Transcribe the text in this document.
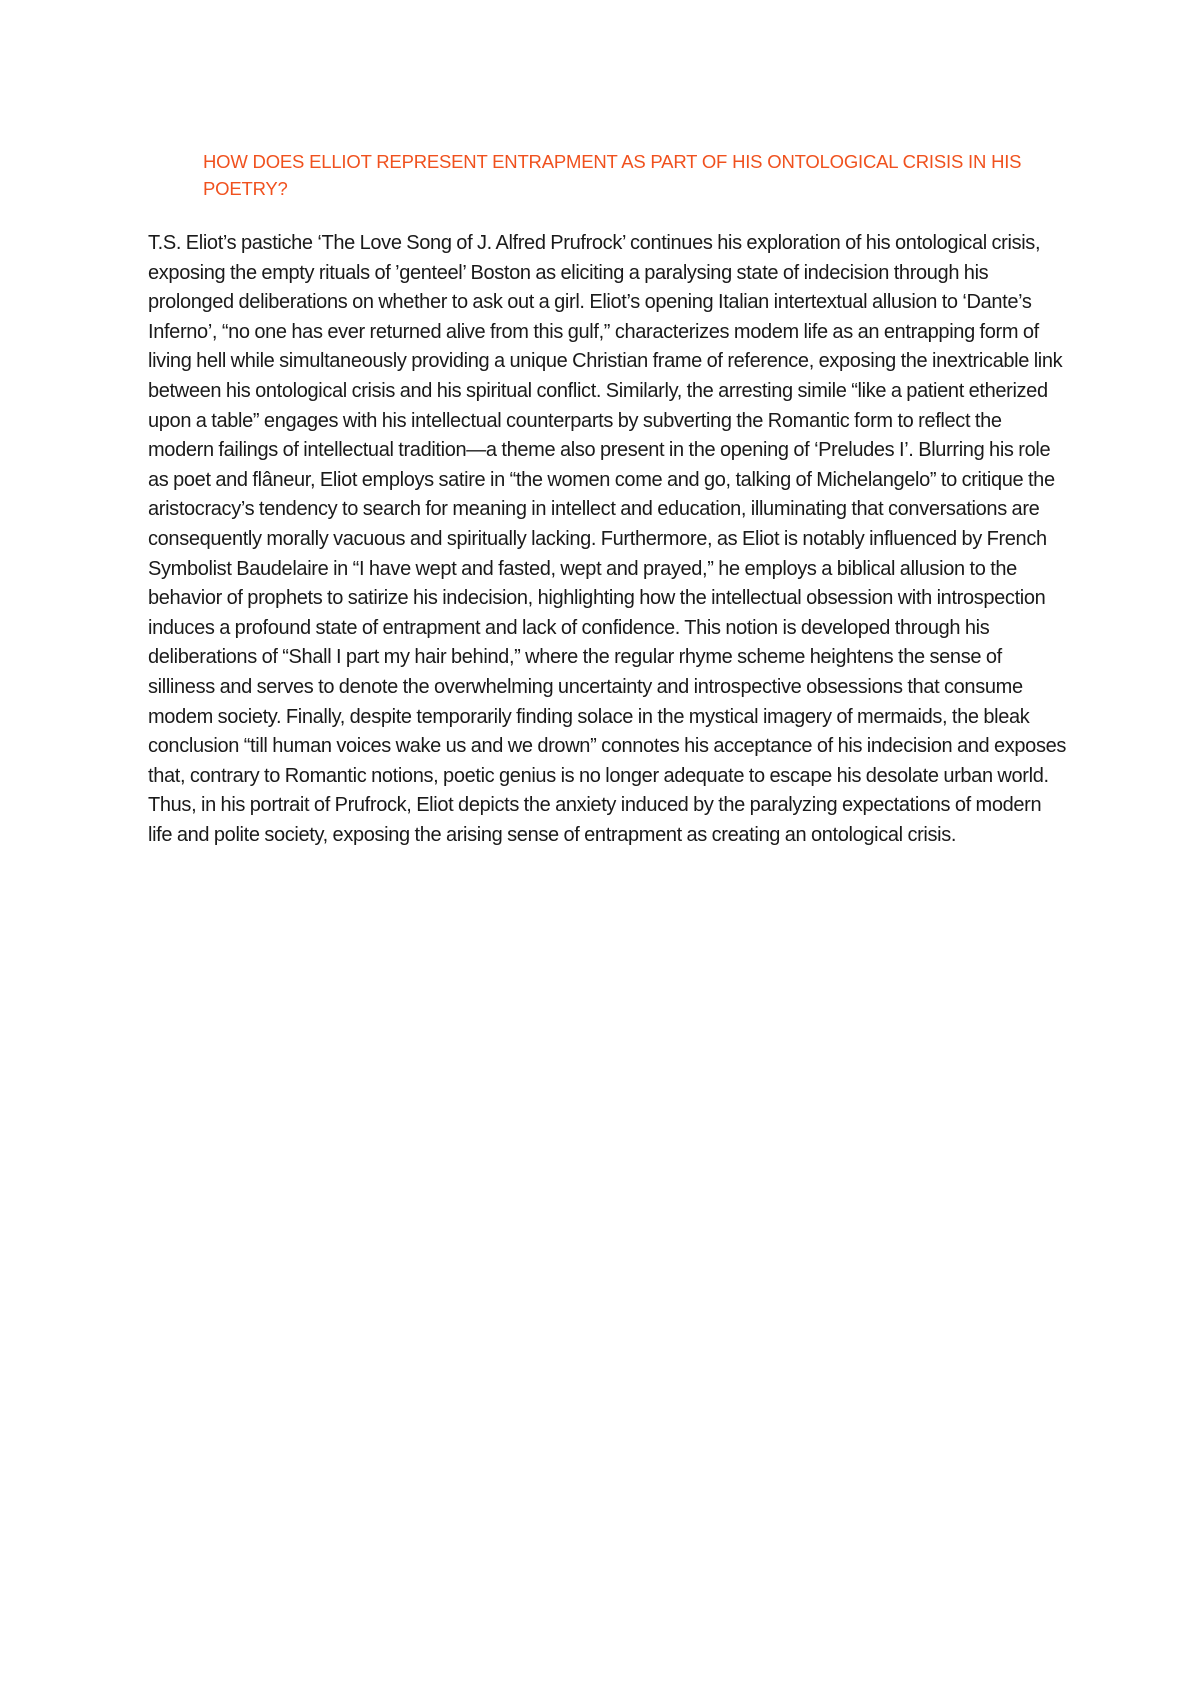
HOW DOES ELLIOT REPRESENT ENTRAPMENT AS PART OF HIS ONTOLOGICAL CRISIS IN HIS POETRY?

T.S. Eliot’s pastiche ‘The Love Song of J. Alfred Prufrock’ continues his exploration of his ontological crisis, exposing the empty rituals of ’genteel’ Boston as eliciting a paralysing state of indecision through his prolonged deliberations on whether to ask out a girl. Eliot’s opening Italian intertextual allusion to ‘Dante’s Inferno’, “no one has ever returned alive from this gulf,” characterizes modem life as an entrapping form of living hell while simultaneously providing a unique Christian frame of reference, exposing the inextricable link between his ontological crisis and his spiritual conflict. Similarly, the arresting simile “like a patient etherized upon a table” engages with his intellectual counterparts by subverting the Romantic form to reflect the modern failings of intellectual tradition—a theme also present in the opening of ‘Preludes I’. Blurring his role as poet and flâneur, Eliot employs satire in “the women come and go, talking of Michelangelo” to critique the aristocracy’s tendency to search for meaning in intellect and education, illuminating that conversations are consequently morally vacuous and spiritually lacking. Furthermore, as Eliot is notably influenced by French Symbolist Baudelaire in “I have wept and fasted, wept and prayed,” he employs a biblical allusion to the behavior of prophets to satirize his indecision, highlighting how the intellectual obsession with introspection induces a profound state of entrapment and lack of confidence. This notion is developed through his deliberations of “Shall I part my hair behind,” where the regular rhyme scheme heightens the sense of silliness and serves to denote the overwhelming uncertainty and introspective obsessions that consume modem society. Finally, despite temporarily finding solace in the mystical imagery of mermaids, the bleak conclusion “till human voices wake us and we drown” connotes his acceptance of his indecision and exposes that, contrary to Romantic notions, poetic genius is no longer adequate to escape his desolate urban world. Thus, in his portrait of Prufrock, Eliot depicts the anxiety induced by the paralyzing expectations of modern life and polite society, exposing the arising sense of entrapment as creating an ontological crisis.
